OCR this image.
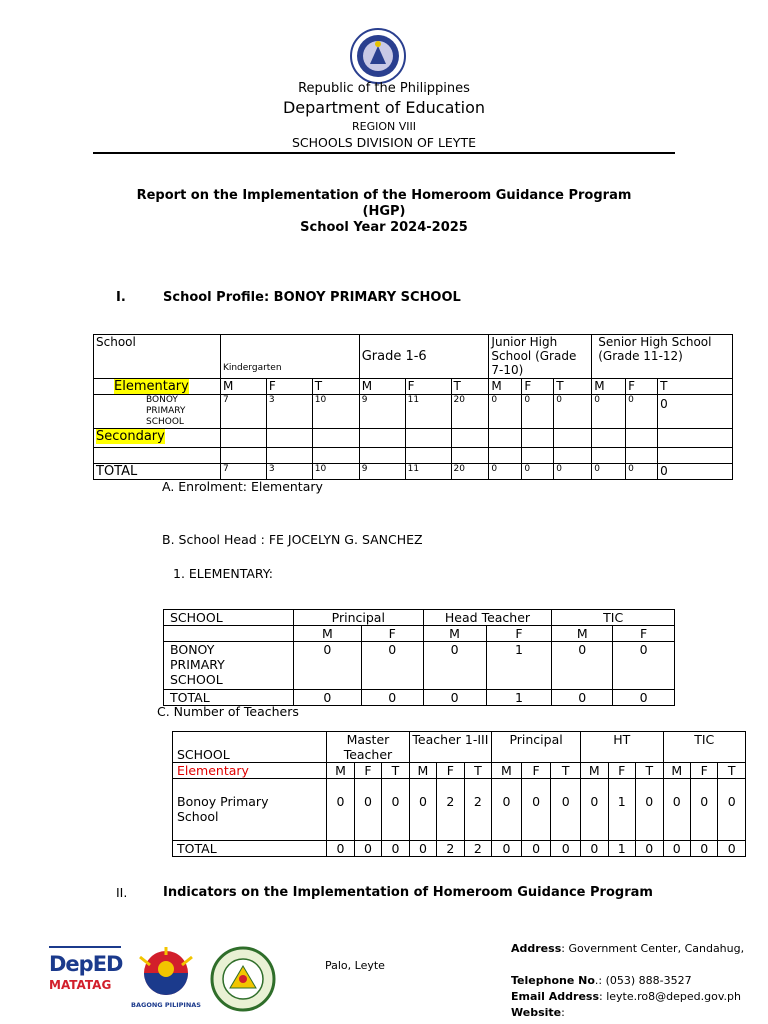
Republic of the Philippines
Department of Education
REGION VIII
SCHOOLS DIVISION OF LEYTE
Report on the Implementation of the Homeroom Guidance Program
(HGP)
School Year 2024-2025
I.	School Profile: BONOY PRIMARY SCHOOL
School	Kindergarten			Grade 1-6			Junior High School (Grade 7-10)			Senior High School (Grade 11-12)		
Elementary	M	F	T	M	F	T	M	F	T	M	F	T
BONOY PRIMARY SCHOOL	7	3	10	9	11	20	0	0	0	0	0	0
Secondary												

TOTAL	7	3	10	9	11	20	0	0	0	0	0	0
A. Enrolment: Elementary
B. School Head : FE JOCELYN G. SANCHEZ
1. ELEMENTARY:
SCHOOL	Principal		Head Teacher		TIC	
	M	F	M	F	M	F
BONOY PRIMARY SCHOOL	0	0	0	1	0	0
TOTAL	0	0	0	1	0	0
C. Number of Teachers
SCHOOL	Master Teacher			Teacher 1-III			Principal			HT			TIC		
Elementary	M	F	T	M	F	T	M	F	T	M	F	T	M	F	T
Bonoy Primary School	0	0	0	0	2	2	0	0	0	0	1	0	0	0	0
TOTAL	0	0	0	0	2	2	0	0	0	0	1	0	0	0	0
II.	Indicators on the Implementation of Homeroom Guidance Program
DepED
MATATAG
BAGONG PILIPINAS
Palo, Leyte
Address: Government Center, Candahug,
Telephone No.: (053) 888-3527
Email Address: leyte.ro8@deped.gov.ph
Website:
